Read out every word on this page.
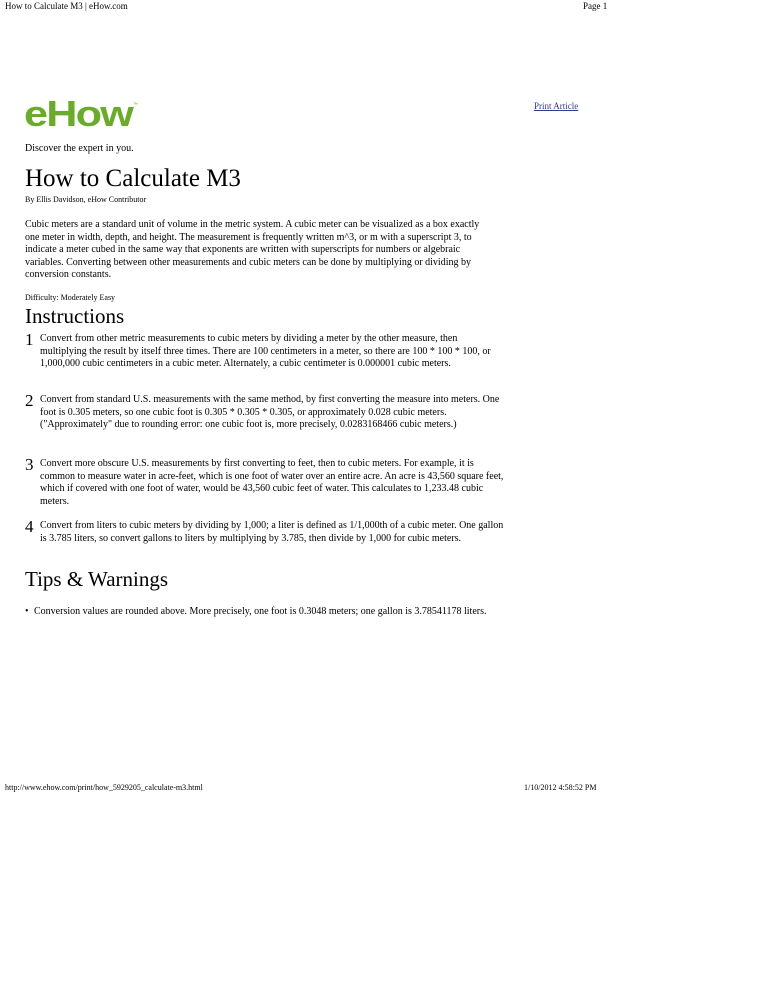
How to Calculate M3 | eHow.com	Page 1
eHow
™	Print Article
Discover the expert in you.
How to Calculate M3
By Ellis Davidson, eHow Contributor
Cubic meters are a standard unit of volume in the metric system. A cubic meter can be visualized as a box exactly one meter in width, depth, and height. The measurement is frequently written m^3, or m with a superscript 3, to indicate a meter cubed in the same way that exponents are written with superscripts for numbers or algebraic variables. Converting between other measurements and cubic meters can be done by multiplying or dividing by conversion constants.
Difficulty: Moderately Easy
Instructions
1 Convert from other metric measurements to cubic meters by dividing a meter by the other measure, then multiplying the result by itself three times. There are 100 centimeters in a meter, so there are 100 * 100 * 100, or 1,000,000 cubic centimeters in a cubic meter. Alternately, a cubic centimeter is 0.000001 cubic meters.
2 Convert from standard U.S. measurements with the same method, by first converting the measure into meters. One foot is 0.305 meters, so one cubic foot is 0.305 * 0.305 * 0.305, or approximately 0.028 cubic meters. ("Approximately" due to rounding error: one cubic foot is, more precisely, 0.0283168466 cubic meters.)
3 Convert more obscure U.S. measurements by first converting to feet, then to cubic meters. For example, it is common to measure water in acre-feet, which is one foot of water over an entire acre. An acre is 43,560 square feet, which if covered with one foot of water, would be 43,560 cubic feet of water. This calculates to 1,233.48 cubic meters.
4 Convert from liters to cubic meters by dividing by 1,000; a liter is defined as 1/1,000th of a cubic meter. One gallon is 3.785 liters, so convert gallons to liters by multiplying by 3.785, then divide by 1,000 for cubic meters.
Tips & Warnings
• Conversion values are rounded above. More precisely, one foot is 0.3048 meters; one gallon is 3.78541178 liters.
http://www.ehow.com/print/how_5929205_calculate-m3.html	1/10/2012 4:58:52 PM
